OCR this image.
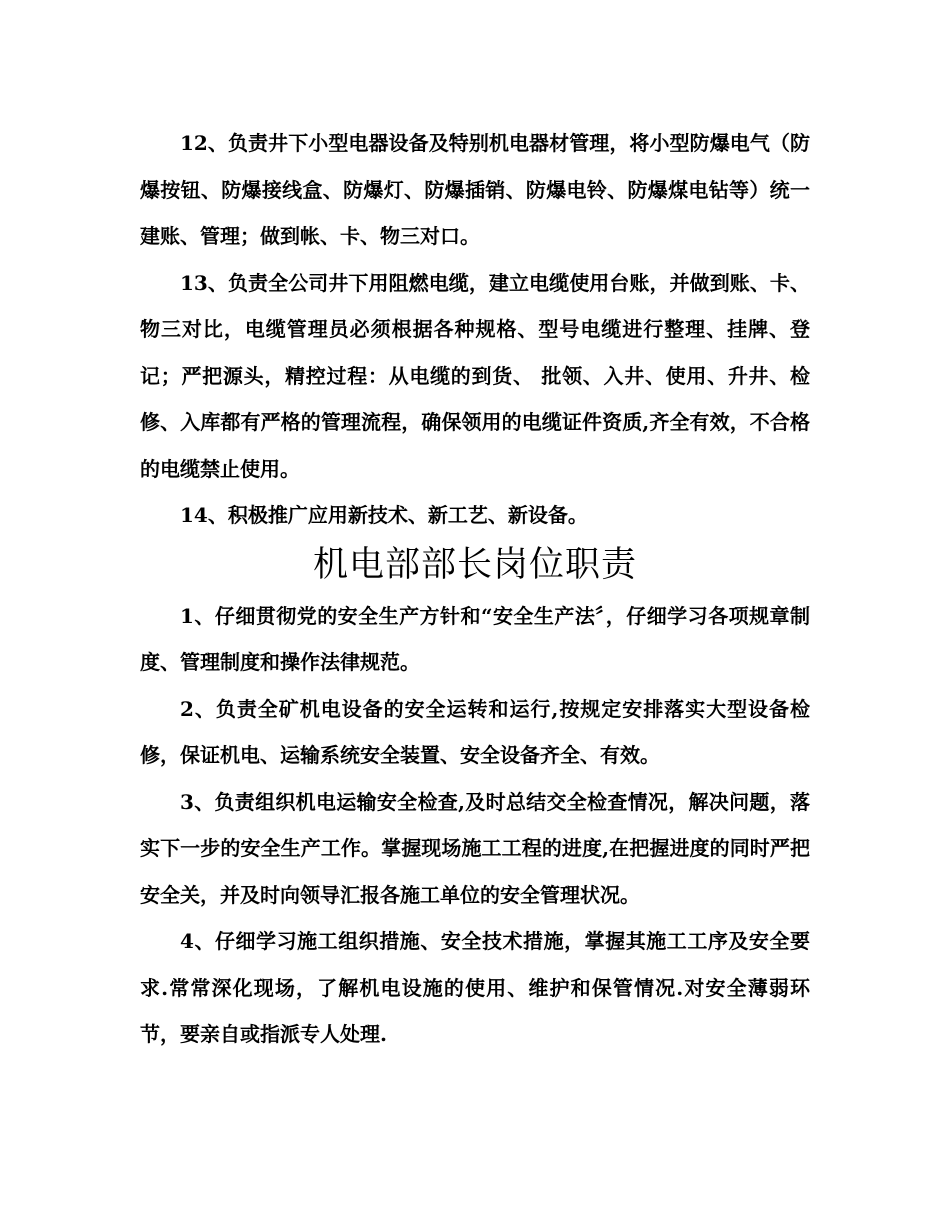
12、负责井下小型电器设备及特别机电器材管理，将小型防爆电气（防爆按钮、防爆接线盒、防爆灯、防爆插销、防爆电铃、防爆煤电钻等）统一建账、管理；做到帐、卡、物三对口。

13、负责全公司井下用阻燃电缆，建立电缆使用台账，并做到账、卡、物三对比，电缆管理员必须根据各种规格、型号电缆进行整理、挂牌、登记；严把源头，精控过程：从电缆的到货、 批领、入井、使用、升井、检修、入库都有严格的管理流程，确保领用的电缆证件资质,齐全有效，不合格的电缆禁止使用。

14、积极推广应用新技术、新工艺、新设备。

机电部部长岗位职责

1、仔细贯彻党的安全生产方针和“安全生产法〞，仔细学习各项规章制度、管理制度和操作法律规范。

2、负责全矿机电设备的安全运转和运行,按规定安排落实大型设备检修，保证机电、运输系统安全装置、安全设备齐全、有效。

3、负责组织机电运输安全检查,及时总结交全检查情况，解决问题，落实下一步的安全生产工作。掌握现场施工工程的进度,在把握进度的同时严把安全关，并及时向领导汇报各施工单位的安全管理状况。

4、仔细学习施工组织措施、安全技术措施，掌握其施工工序及安全要求.常常深化现场，了解机电设施的使用、维护和保管情况.对安全薄弱环节，要亲自或指派专人处理.
